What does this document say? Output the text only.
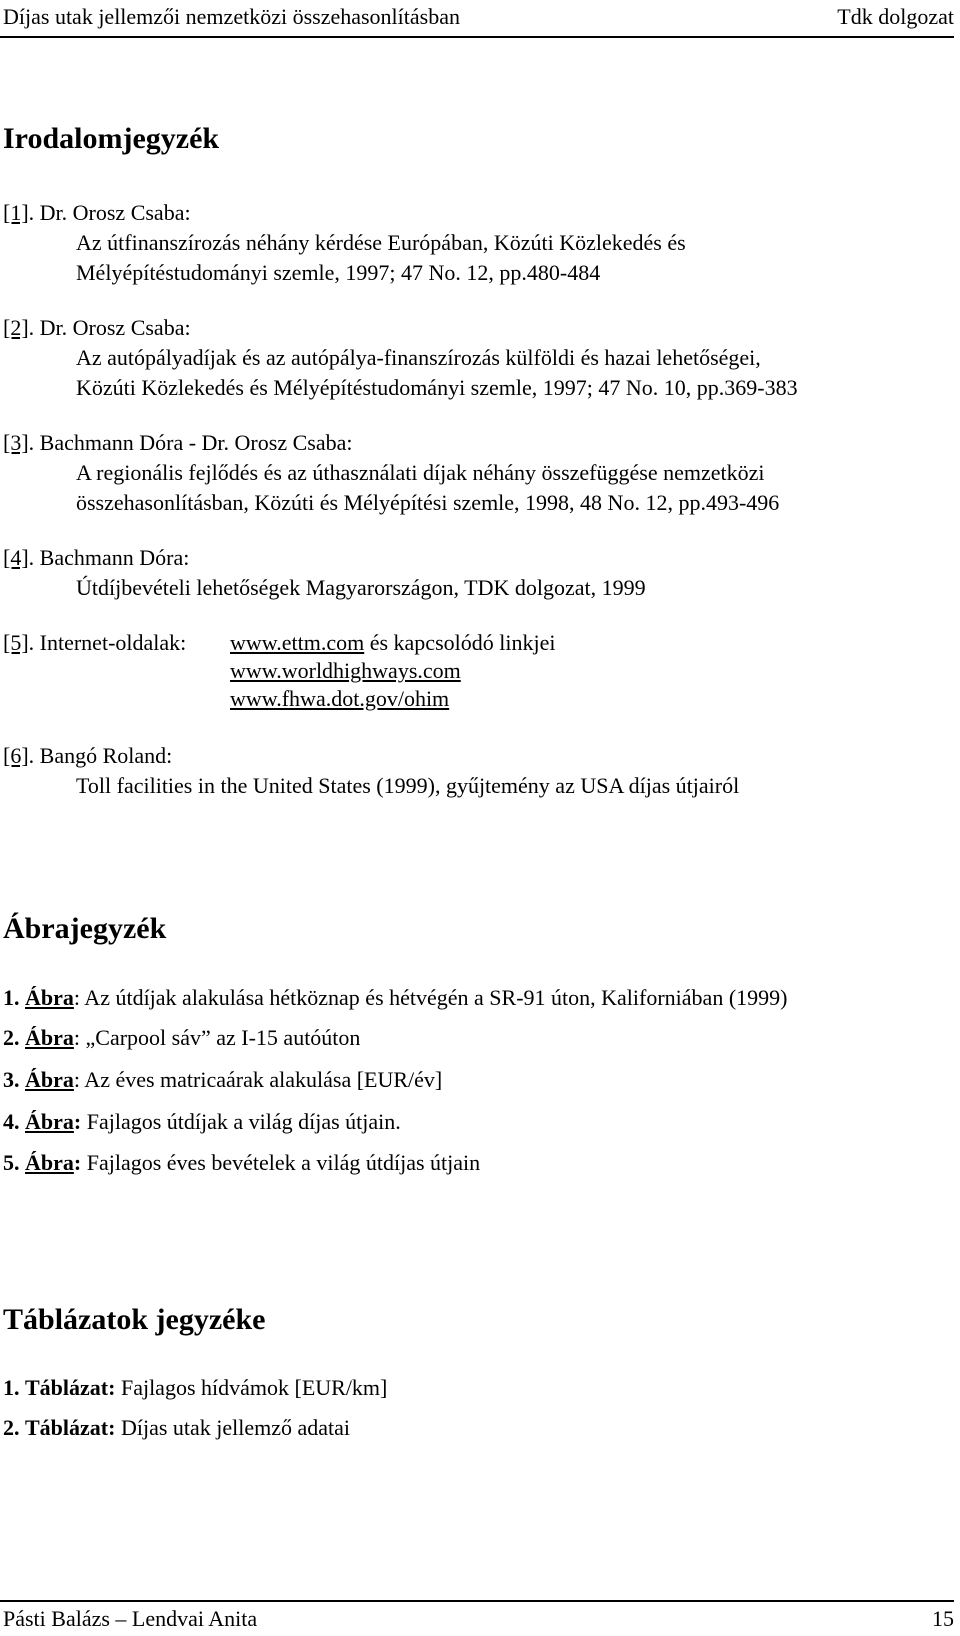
Díjas utak jellemzői nemzetközi összehasonlításban	Tdk dolgozat
Irodalomjegyzék
[1]. Dr. Orosz Csaba:
Az útfinanszírozás néhány kérdése Európában, Közúti Közlekedés és
Mélyépítéstudományi szemle, 1997; 47 No. 12, pp.480-484
[2]. Dr. Orosz Csaba:
Az autópályadíjak és az autópálya-finanszírozás külföldi és hazai lehetőségei,
Közúti Közlekedés és Mélyépítéstudományi szemle, 1997; 47 No. 10, pp.369-383
[3]. Bachmann Dóra - Dr. Orosz Csaba:
A regionális fejlődés és az úthasználati díjak néhány összefüggése nemzetközi
összehasonlításban, Közúti és Mélyépítési szemle, 1998, 48 No. 12, pp.493-496
[4]. Bachmann Dóra:
Útdíjbevételi lehetőségek Magyarországon, TDK dolgozat, 1999
[5]. Internet-oldalak: www.ettm.com és kapcsolódó linkjei
www.worldhighways.com
www.fhwa.dot.gov/ohim
[6]. Bangó Roland:
Toll facilities in the United States (1999), gyűjtemény az USA díjas útjairól
Ábrajegyzék
1. Ábra: Az útdíjak alakulása hétköznap és hétvégén a SR-91 úton, Kaliforniában (1999)
2. Ábra: „Carpool sáv” az I-15 autóúton
3. Ábra: Az éves matricaárak alakulása [EUR/év]
4. Ábra: Fajlagos útdíjak a világ díjas útjain.
5. Ábra: Fajlagos éves bevételek a világ útdíjas útjain
Táblázatok jegyzéke
1. Táblázat: Fajlagos hídvámok [EUR/km]
2. Táblázat: Díjas utak jellemző adatai
Pásti Balázs – Lendvai Anita	15
